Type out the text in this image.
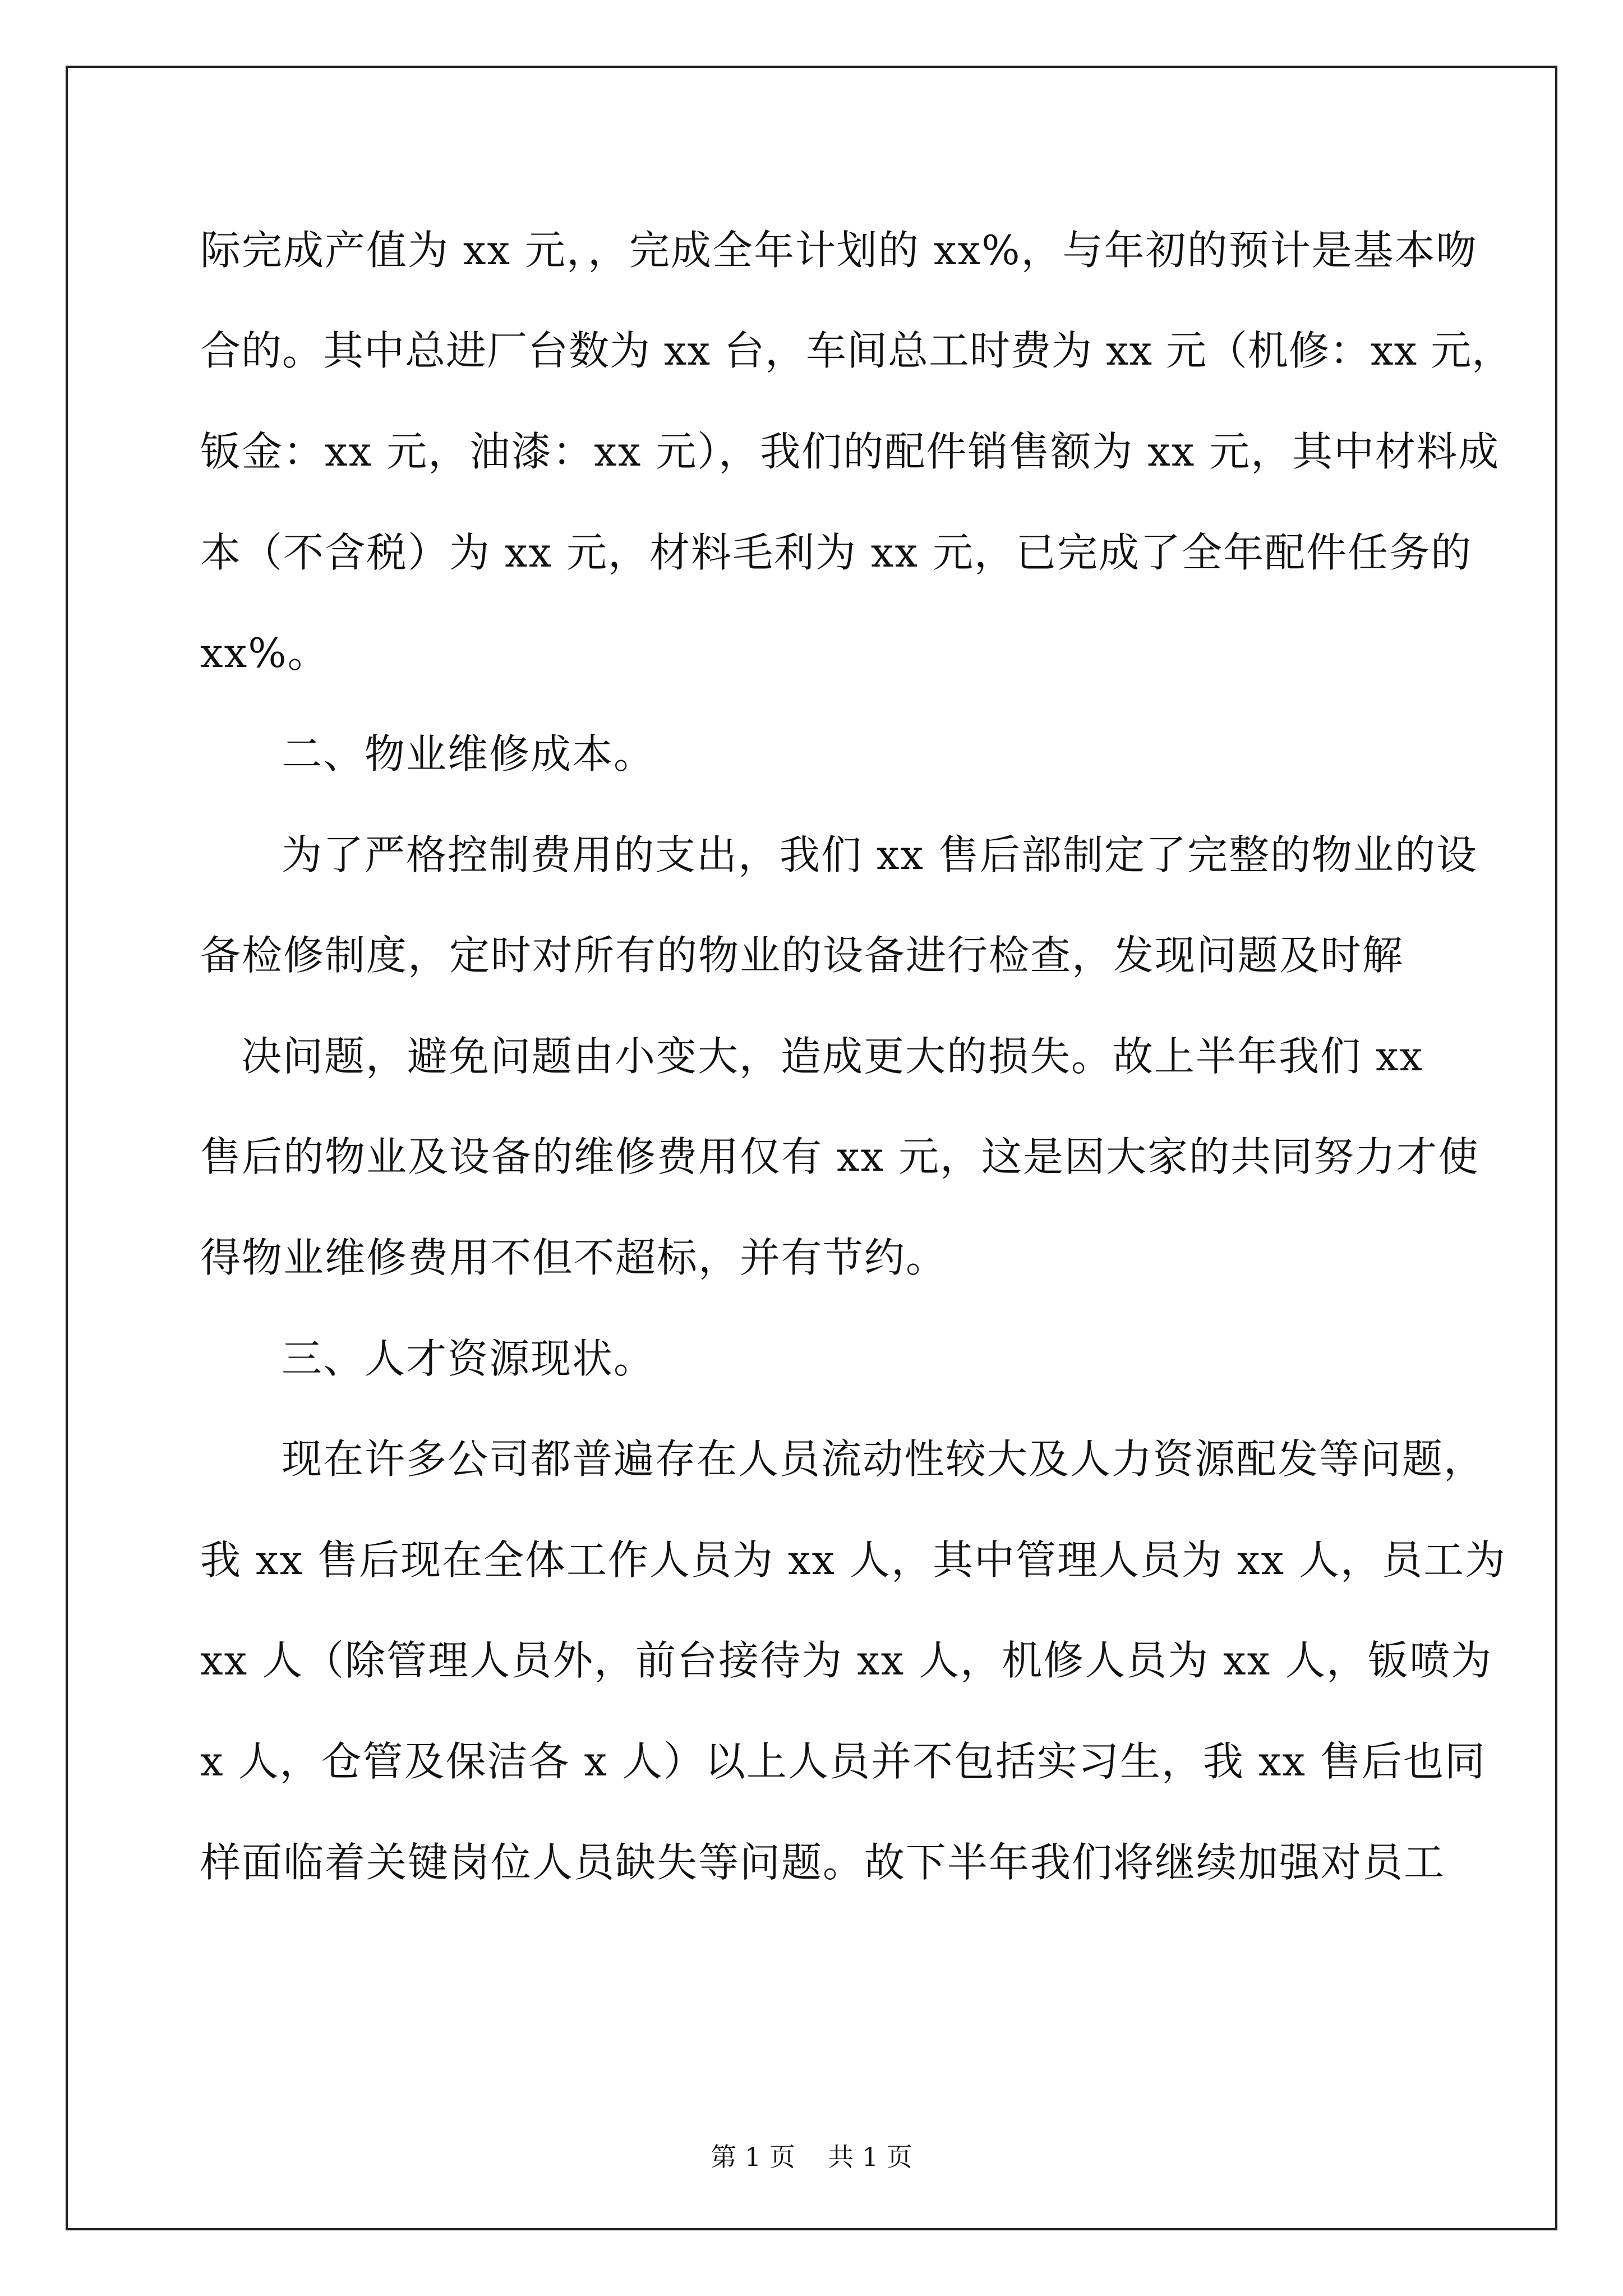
际完成产值为 xx 元，，完成全年计划的 xx%，与年初的预计是基本吻
合的。其中总进厂台数为 xx 台，车间总工时费为 xx 元（机修：xx 元，
钣金：xx 元，油漆：xx 元），我们的配件销售额为 xx 元，其中材料成
本（不含税）为 xx 元，材料毛利为 xx 元，已完成了全年配件任务的
xx%。
二、物业维修成本。
为了严格控制费用的支出，我们 xx 售后部制定了完整的物业的设
备检修制度，定时对所有的物业的设备进行检查，发现问题及时解
决问题，避免问题由小变大，造成更大的损失。故上半年我们 xx
售后的物业及设备的维修费用仅有 xx 元，这是因大家的共同努力才使
得物业维修费用不但不超标，并有节约。
三、人才资源现状。
现在许多公司都普遍存在人员流动性较大及人力资源配发等问题，
我 xx 售后现在全体工作人员为 xx 人，其中管理人员为 xx 人，员工为
xx 人（除管理人员外，前台接待为 xx 人，机修人员为 xx 人，钣喷为
x 人，仓管及保洁各 x 人）以上人员并不包括实习生，我 xx 售后也同
样面临着关键岗位人员缺失等问题。故下半年我们将继续加强对员工
第 1 页    共 1 页
